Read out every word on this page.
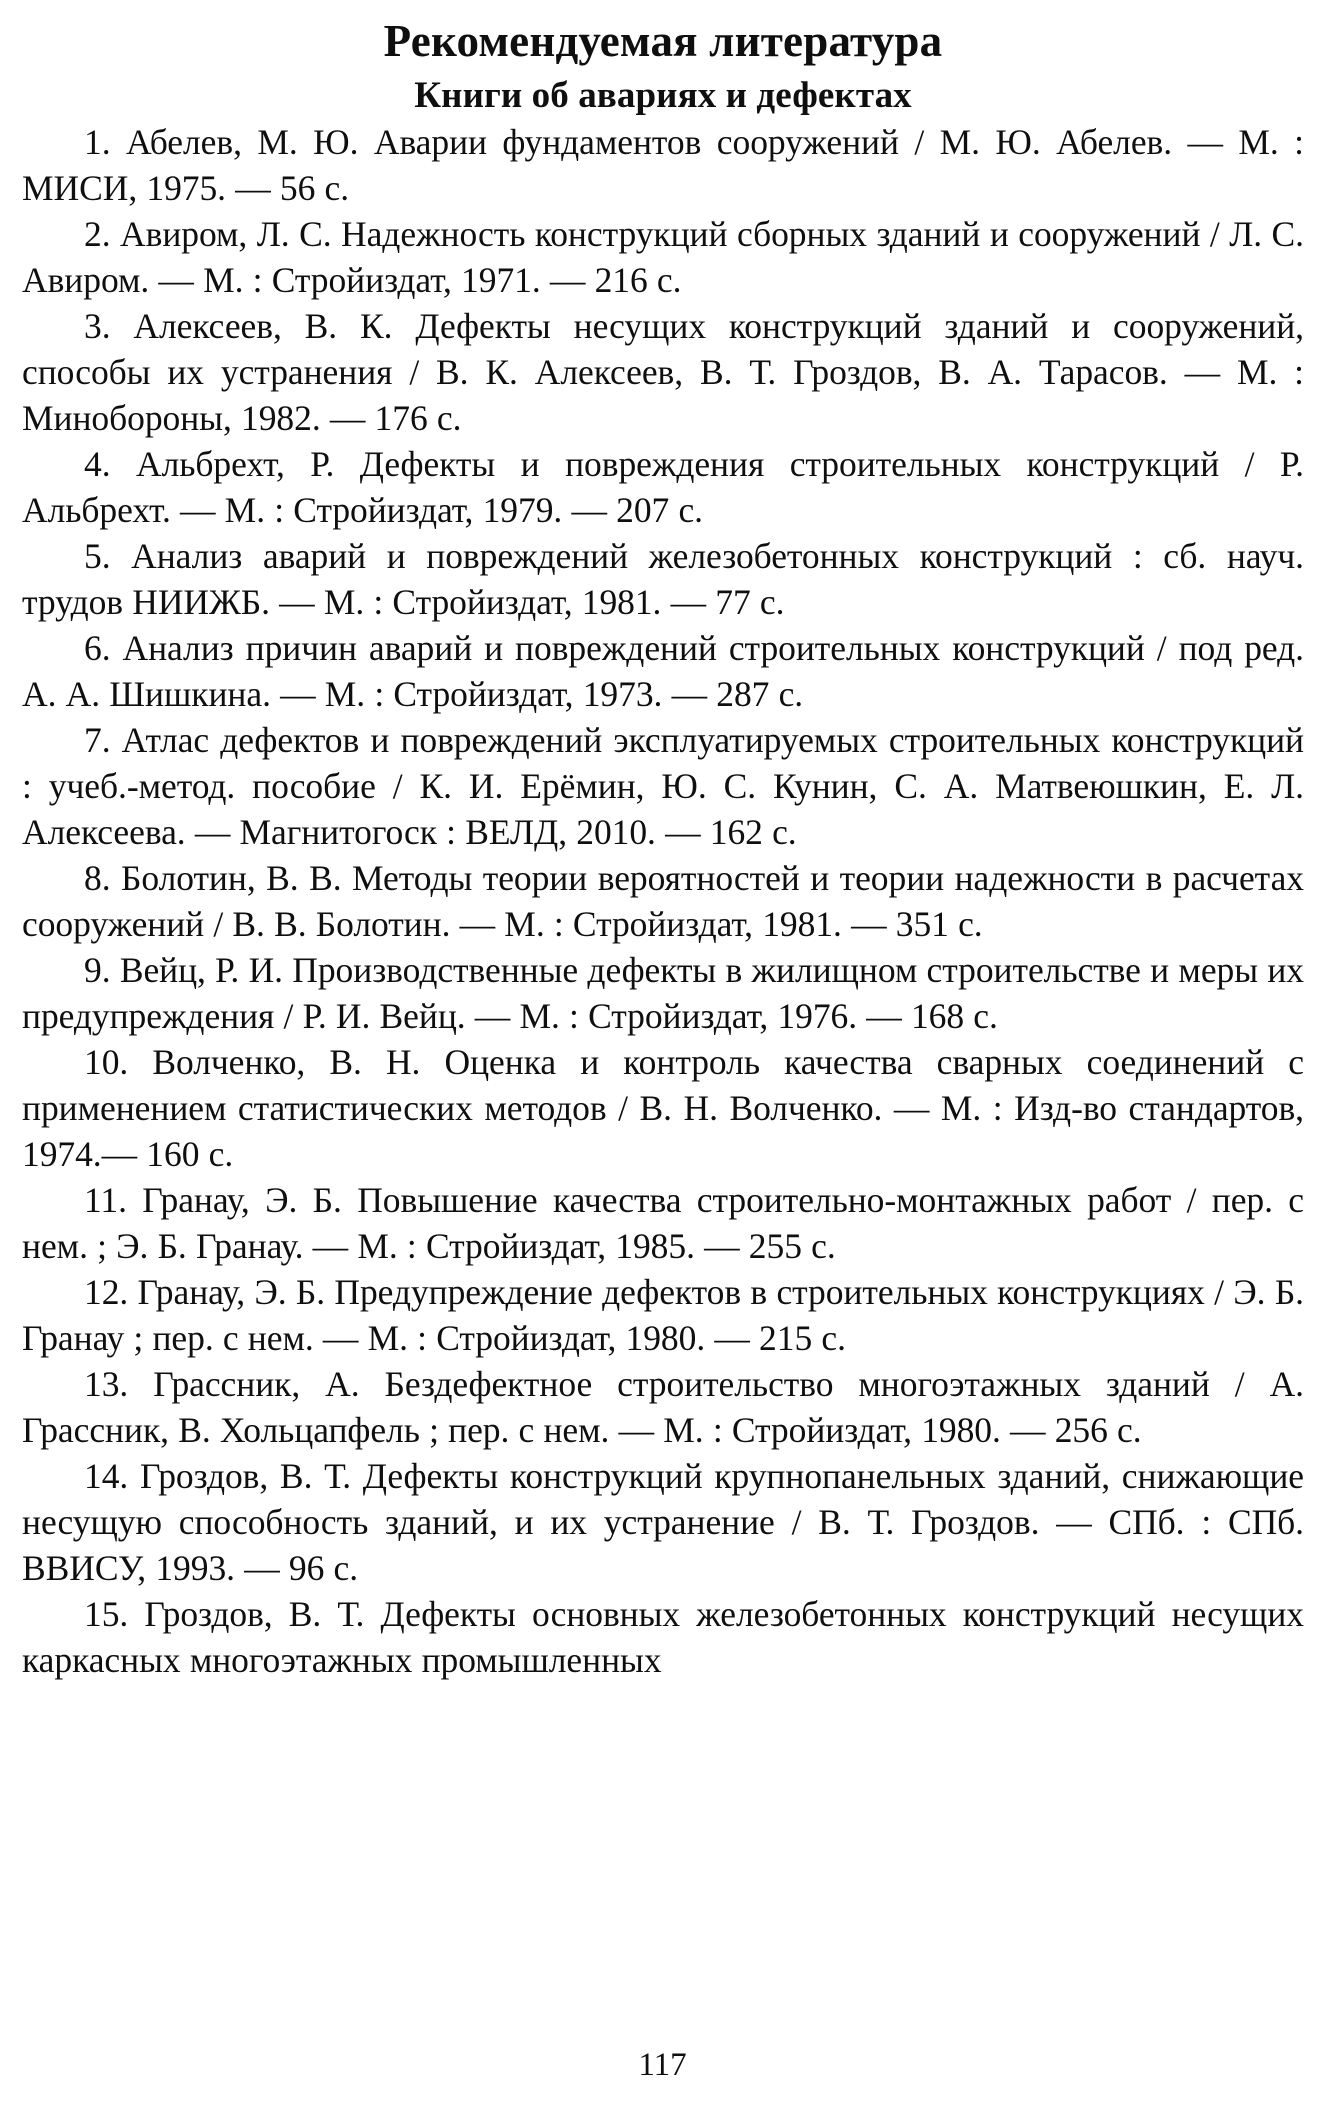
Рекомендуемая литература
Книги об авариях и дефектах

1. Абелев, М. Ю. Аварии фундаментов сооружений / М. Ю. Абелев. — М. : МИСИ, 1975. — 56 с.

2. Авиром, Л. С. Надежность конструкций сборных зданий и сооружений / Л. С. Авиром. — М. : Стройиздат, 1971. — 216 с.

3. Алексеев, В. К. Дефекты несущих конструкций зданий и сооружений, способы их устранения / В. К. Алексеев, В. Т. Гроздов, В. А. Тарасов. — М. : Минобороны, 1982. — 176 с.

4. Альбрехт, Р. Дефекты и повреждения строительных конструкций / Р. Альбрехт. — М. : Стройиздат, 1979. — 207 с.

5. Анализ аварий и повреждений железобетонных конструкций : сб. науч. трудов НИИЖБ. — М. : Стройиздат, 1981. — 77 с.

6. Анализ причин аварий и повреждений строительных конструкций / под ред. А. А. Шишкина. — М. : Стройиздат, 1973. — 287 с.

7. Атлас дефектов и повреждений эксплуатируемых строительных конструкций : учеб.-метод. пособие / К. И. Ерёмин, Ю. С. Кунин, С. А. Матвеюшкин, Е. Л. Алексеева. — Магнитогоск : ВЕЛД, 2010. — 162 с.

8. Болотин, В. В. Методы теории вероятностей и теории надежности в расчетах сооружений / В. В. Болотин. — М. : Стройиздат, 1981. — 351 с.

9. Вейц, Р. И. Производственные дефекты в жилищном строительстве и меры их предупреждения / Р. И. Вейц. — М. : Стройиздат, 1976. — 168 с.

10. Волченко, В. Н. Оценка и контроль качества сварных соединений с применением статистических методов / В. Н. Волченко. — М. : Изд-во стандартов, 1974.— 160 с.

11. Гранау, Э. Б. Повышение качества строительно-монтажных работ / пер. с нем. ; Э. Б. Гранау. — М. : Стройиздат, 1985. — 255 с.

12. Гранау, Э. Б. Предупреждение дефектов в строительных конструкциях / Э. Б. Гранау ; пер. с нем. — М. : Стройиздат, 1980. — 215 с.

13. Грассник, А. Бездефектное строительство многоэтажных зданий / А. Грассник, В. Хольцапфель ; пер. с нем. — М. : Стройиздат, 1980. — 256 с.

14. Гроздов, В. Т. Дефекты конструкций крупнопанельных зданий, снижающие несущую способность зданий, и их устранение / В. Т. Гроздов. — СПб. : СПб. ВВИСУ, 1993. — 96 с.

15. Гроздов, В. Т. Дефекты основных железобетонных конструкций несущих каркасных многоэтажных промышленных

117
